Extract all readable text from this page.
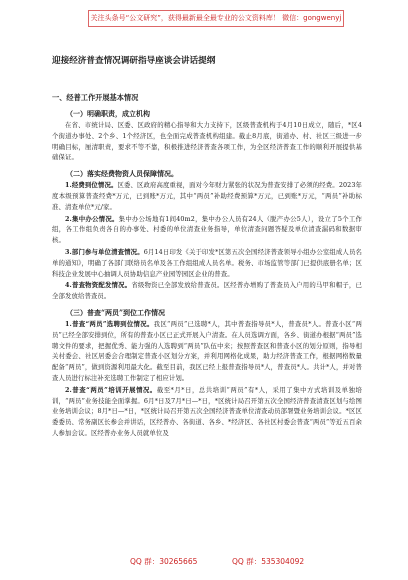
关注头条号“公文研究”，获得最新最全最专业的公文资料库！ 微信：gongwenyj
迎接经济普查情况调研指导座谈会讲话提纲
一、经普工作开展基本情况
（一）明确职责，成立机构

在省、市统计局、区委、区政府的精心指导和大力支持下，区级普查机构于4月10日成立，随后，*区4个街道办事处、2个乡、1个经济区，也全面完成普查机构组建。截止8月底，街道办、村、社区三级进一步明确目标，厘清职责，要求不等不靠，积极推进经济普查各项工作，为全区经济普查工作的顺利开展提供基础保证。

（二）落实经费物资人员保障情况。

1.经费到位情况。区委、区政府高度重视，面对今年财力紧张的状况为普查安排了必须的经费。2023年度本级预算普查经费*万元，已到账*万元，其中“两员”补助经费预算*万元，已到账*万元，“两员”补助标准、清查单位*元/家。

2.集中办公情况。集中办公场地有1间40m2，集中办公人员有24人（脱产办公5人），设立了5个工作组，各工作组负责各自的办事处、村委的单位清查业务指导，单位清查问题答疑及单位清查漏码和数据审核。

3.部门参与单位清查情况。6月14日印发《关于印发*区第五次全国经济普查领导小组办公室组成人员名单的通知》，明确了各部门联络员名单及各工作组组成人员名单。税务、市场监管等部门已提供底册名单；区科技企业发展中心抽调人员协助信息产业园等园区企业的普查。

4.普查物资配发情况。省级物资已全部发放给普查员。区经普办增购了普查员入户用的马甲和帽子，已全部发放给普查员。

（三）普查“两员”到位工作情况

1.普查“两员”选聘到位情况。我区“两员”已选聘*人，其中普查指导员*人，普查员*人。普查小区“两员”已经全部安排到位，所有的普查小区已正式开展入户清查。在人员选调方面，各乡、街道办根据“两员”选聘文件的要求，把握优秀、能力强的人选聘到“两员”队伍中来；按照普查区和普查小区的划分原则，指导相关村委会、社区居委会合理制定普查小区划分方案，并利用网格化成果，助力经济普查工作，根据网格数量配备“两员”，做到资源利用最大化。截至目前，我区已经上报普查指导员*人，普查员*人。共计*人，并对普查人员进行标注补充选聘工作制定了相应计划。

2.普查“两员”培训开展情况。截至*月*日，总共培训“两员”有*人，采用了集中方式培训及单独培训，“两员”业务技能全面掌握。6月*日及7月*日—*日，*区统计局召开第五次全国经济普查清查区划与绘图业务培训会议；8月*日—*日，*区统计局召开第五次全国经济普查单位清查动员部署暨业务培训会议。*区区委委员、常务副区长参会并讲话，区经普办、各街道、各乡、*经济区、各社区村委会普查“两员”等近五百余人参加会议。区经普办业务人员就单位及

QQ 群：30265665	QQ 群：535304092
